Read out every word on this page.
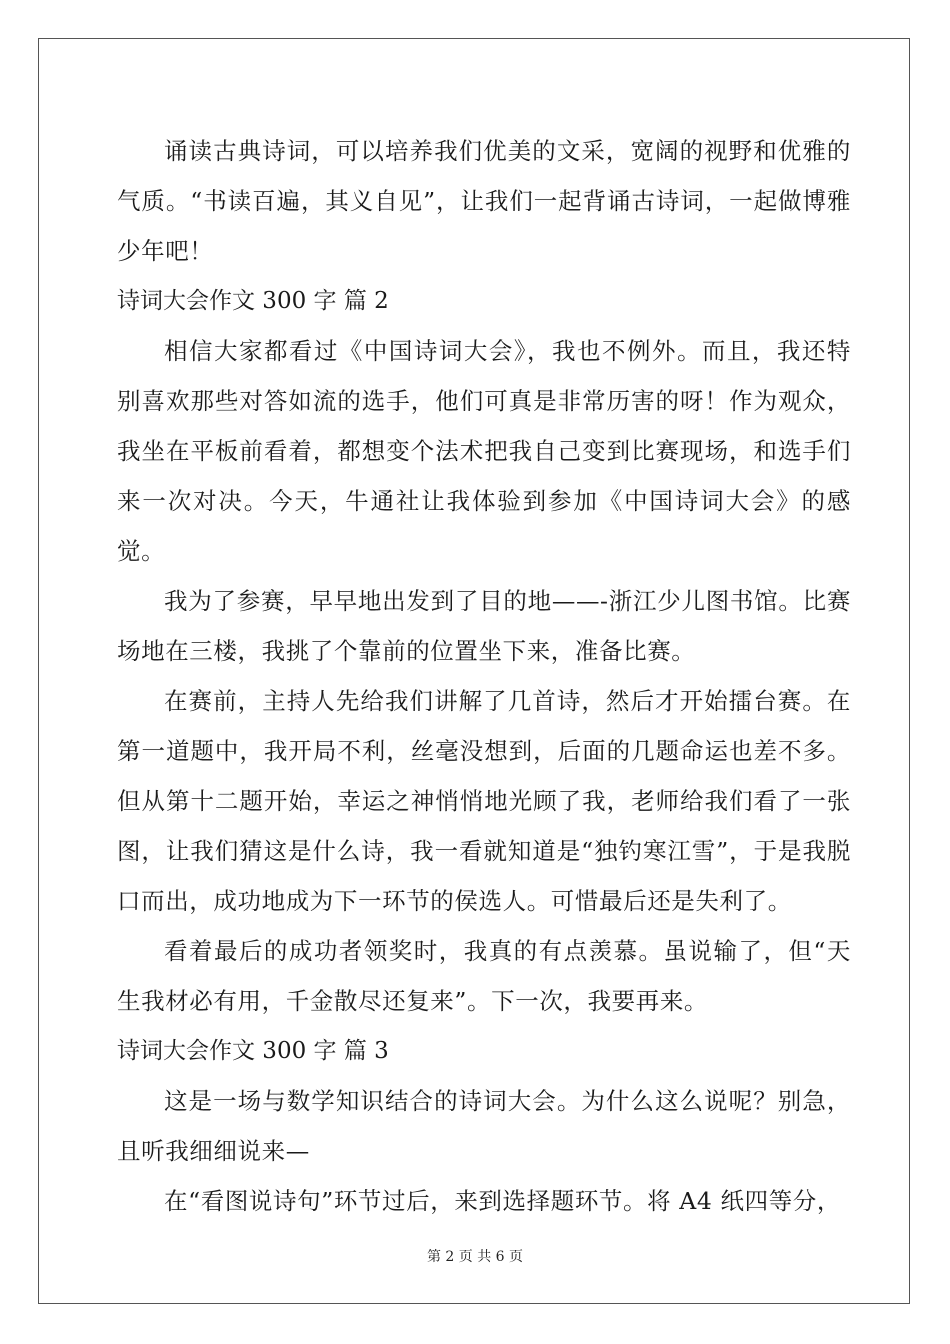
诵读古典诗词，可以培养我们优美的文采，宽阔的视野和优雅的气质。“书读百遍，其义自见”，让我们一起背诵古诗词，一起做博雅少年吧！

诗词大会作文 300 字 篇 2

相信大家都看过《中国诗词大会》，我也不例外。而且，我还特别喜欢那些对答如流的选手，他们可真是非常历害的呀！作为观众，我坐在平板前看着，都想变个法术把我自己变到比赛现场，和选手们来一次对决。今天，牛通社让我体验到参加《中国诗词大会》的感觉。

我为了参赛，早早地出发到了目的地——-浙江少儿图书馆。比赛场地在三楼，我挑了个靠前的位置坐下来，准备比赛。

在赛前，主持人先给我们讲解了几首诗，然后才开始擂台赛。在第一道题中，我开局不利，丝毫没想到，后面的几题命运也差不多。但从第十二题开始，幸运之神悄悄地光顾了我，老师给我们看了一张图，让我们猜这是什么诗，我一看就知道是“独钓寒江雪”，于是我脱口而出，成功地成为下一环节的侯选人。可惜最后还是失利了。

看着最后的成功者领奖时，我真的有点羡慕。虽说输了，但“天生我材必有用，千金散尽还复来”。下一次，我要再来。

诗词大会作文 300 字 篇 3

这是一场与数学知识结合的诗词大会。为什么这么说呢？别急，且听我细细说来—

在“看图说诗句”环节过后，来到选择题环节。将 A4 纸四等分，

第 2 页 共 6 页
